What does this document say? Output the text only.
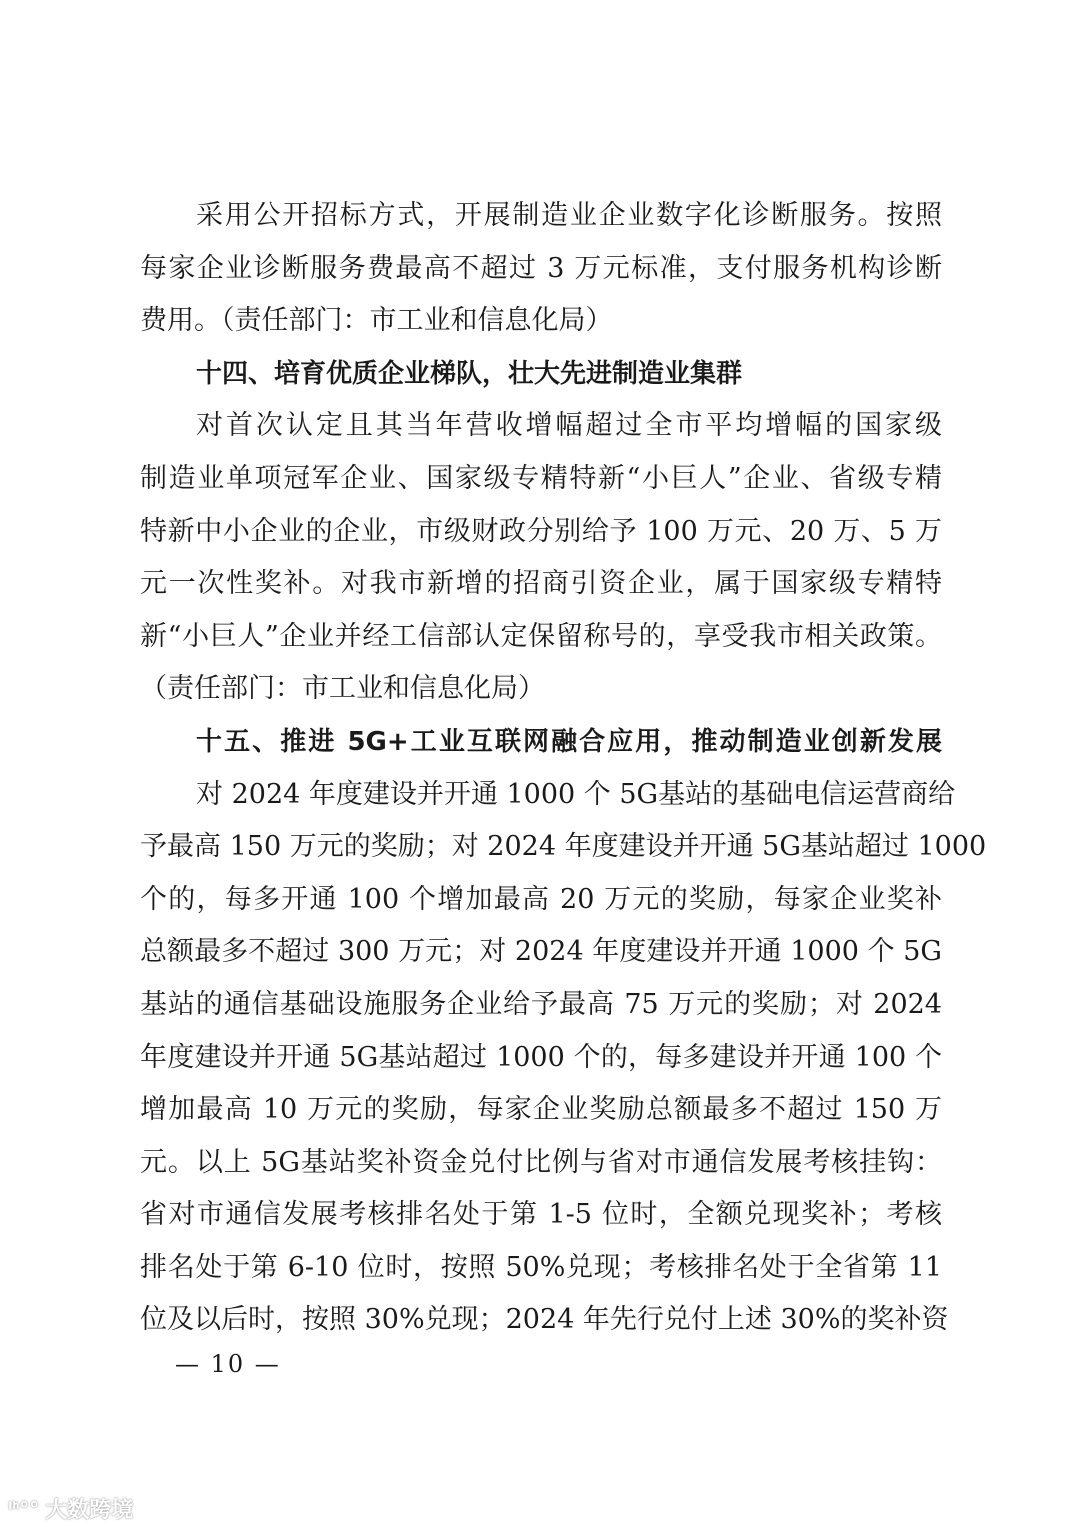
采用公开招标方式，开展制造业企业数字化诊断服务。按照
每家企业诊断服务费最高不超过 3 万元标准，支付服务机构诊断
费用。（责任部门：市工业和信息化局）
十四、培育优质企业梯队，壮大先进制造业集群
对首次认定且其当年营收增幅超过全市平均增幅的国家级
制造业单项冠军企业、国家级专精特新“小巨人”企业、省级专精
特新中小企业的企业，市级财政分别给予 100 万元、20 万、5 万
元一次性奖补。对我市新增的招商引资企业，属于国家级专精特
新“小巨人”企业并经工信部认定保留称号的，享受我市相关政策。
（责任部门：市工业和信息化局）
十五、推进 5G+工业互联网融合应用，推动制造业创新发展
对 2024 年度建设并开通 1000 个 5G基站的基础电信运营商给
予最高 150 万元的奖励；对 2024 年度建设并开通 5G基站超过 1000
个的，每多开通 100 个增加最高 20 万元的奖励，每家企业奖补
总额最多不超过 300 万元；对 2024 年度建设并开通 1000 个 5G
基站的通信基础设施服务企业给予最高 75 万元的奖励；对 2024
年度建设并开通 5G基站超过 1000 个的，每多建设并开通 100 个
增加最高 10 万元的奖励，每家企业奖励总额最多不超过 150 万
元。以上 5G基站奖补资金兑付比例与省对市通信发展考核挂钩：
省对市通信发展考核排名处于第 1-5 位时，全额兑现奖补；考核
排名处于第 6-10 位时，按照 50%兑现；考核排名处于全省第 11
位及以后时，按照 30%兑现；2024 年先行兑付上述 30%的奖补资
— 10 —
ᑊᑋ°° 大数跨境
